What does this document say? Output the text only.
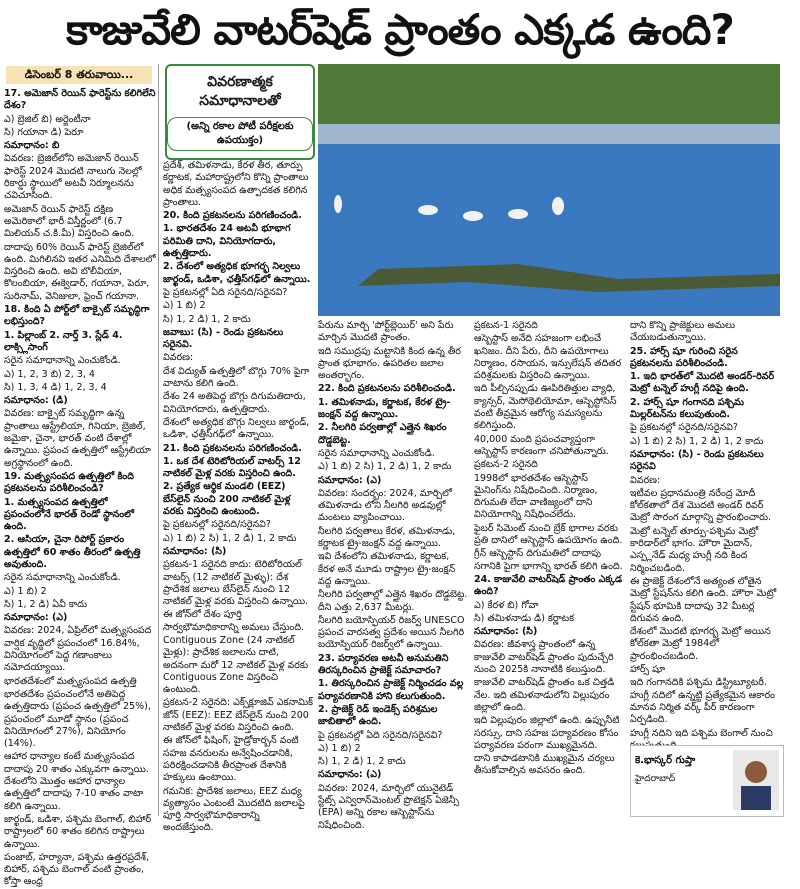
కాజువేలి వాటర్‌షెడ్ ప్రాంతం ఎక్కడ ఉంది?
డిసెంబర్ 8 తరువాయి...

17. అమెజాన్ రెయిన్ ఫారెస్ట్‌ను కలిగిలేని దేశం?

ఎ) బ్రెజిల్ బి) అర్జెంటీనా

సి) గయానా డి) పెరూ

సమాధానం: బి

వివరణ: బ్రెజిల్‌లోని అమెజాన్ రెయిన్ ఫారెస్ట్ 2024 మొదటి నాలుగు నెలల్లో రికార్డు స్థాయిలో అటవీ నిర్మూలనను చవిచూసింది.

అమెజాన్ రెయిన్ ఫారెస్ట్ దక్షిణ అమెరికాలో భారీ విస్తీర్ణంలో (6.7 మిలియన్ చ.కి.మీ) విస్తరించి ఉంది.

దాదాపు 60% రెయిన్ ఫారెస్ట్ బ్రెజిల్‌లో ఉంది. మిగిలినవి ఇతర ఎనిమిది దేశాలలో విస్తరించి ఉంది. అవి బొలీవియా, కొలంబియా, ఈక్వెడార్, గయానా, పెరూ, సురినామ్, వెనిజులా, ఫ్రెంచ్ గయానా.

18. కింది ఏ పోర్ట్‌లో బాక్సైట్ సమృద్ధిగా లభిస్తుంది?

1. పిల్లాంబ్ 2. నార్త్ 3. స్లేడ్ 4. లాక్స్లిసాంగ్

సరైన సమాధానాన్ని ఎంచుకోండి.

ఎ) 1, 2, 3 బి) 2, 3, 4

సి) 1, 3, 4 డి) 1, 2, 3, 4

సమాధానం: (డి)

వివరణ: బాక్సైట్ సమృద్ధిగా ఉన్న ప్రాంతాలు ఆస్ట్రేలియా, గినియా, బ్రెజిల్, జమైకా, చైనా, భారత్ వంటి దేశాల్లో ఉన్నాయి. ప్రపంచ ఉత్పత్తిలో ఆస్ట్రేలియా అగ్రస్థానంలో ఉంది.

19. మత్స్యసంపద ఉత్పత్తిలో కింది ప్రకటనలను పరిశీలించండి?

1. మత్స్యసంపద ఉత్పత్తిలో ప్రపంచంలోనే భారత్ రెండో స్థానంలో ఉంది.

2. ఆసియా, చైనా రిపోర్ట్ ప్రకారం ఉత్పత్తిలో 60 శాతం తీరంలో ఉత్పత్తి అవుతుంది.

సరైన సమాధానాన్ని ఎంచుకోండి.

ఎ) 1 బి) 2

సి) 1, 2 డి) ఏవీ కాదు

సమాధానం: (ఎ)

వివరణ: 2024, ఏప్రిల్‌లో మత్స్యసంపద వార్షిక వృద్ధిలో ప్రపంచంలో 16.84%, వినియోగంలో పెద్ద గణాంకాలు నమోదయ్యాయి.

భారతదేశంలో మత్స్యసంపద ఉత్పత్తి

భారతదేశం ప్రపంచంలోనే అతిపెద్ద ఉత్పత్తిదారు (ప్రపంచ ఉత్పత్తిలో 25%), ప్రపంచంలో మూడో స్థానం (ప్రపంచ వినియోగంలో 27%), వినియోగం (14%).

ఆహార ధాన్యాల కంటే మత్స్యసంపద దాదాపు 20 శాతం ఎక్కువగా ఉన్నాయి. దేశంలోని మొత్తం ఆహార ధాన్యాల ఉత్పత్తిలో దాదాపు 7-10 శాతం వాటా కలిగి ఉన్నాయి.

జార్ఖండ్, ఒడిశా, పశ్చిమ బెంగాల్, బిహార్ రాష్ట్రాలలో 60 శాతం కలిగిన రాష్ట్రాలు ఉన్నాయి.

పంజాబ్, హర్యానా, పశ్చిమ ఉత్తరప్రదేశ్, బిహార్, పశ్చిమ బెంగాల్ వంటి ప్రాంతం, కోస్తా ఆంధ్ర

వివరణాత్మక
సమాధానాలతో
(అన్ని రకాల పోటీ పరీక్షలకు ఉపయుక్తం)

ప్రదేశ్, తమిళనాడు, కేరళ తీర, తూర్పు కర్ణాటక, మహారాష్ట్రలోని కొన్ని ప్రాంతాలు అధిక మత్స్యసంపద ఉత్పాదకత కలిగిన ప్రాంతాలు.

20. కింది ప్రకటనలను పరిగణించండి.

1. భారతదేశం 24 అటవీ భూభాగ పరిమితి దాని, వినియోగదారు, ఉత్పత్తిదారు.

2. దేశంలో అత్యధిక భూగర్భ నిల్వలు జార్ఖండ్, ఒడిశా, ఛత్తీస్‌గఢ్‌లో ఉన్నాయి.

పై ప్రకటనల్లో ఏది సరైనది/సరైనవి?

ఎ) 1 బి) 2

సి) 1, 2 డి) 1, 2 కాదు

జవాబు: (సి) - రెండు ప్రకటనలు సరైనవి.

వివరణ:

దేశ విద్యుత్ ఉత్పత్తిలో బొగ్గు 70% పైగా వాటాను కలిగి ఉంది.

దేశం 24 అతిపెద్ద బొగ్గు దిగుమతిదారు, వినియోగదారు, ఉత్పత్తిదారు.

దేశంలో అత్యధిక బొగ్గు నిల్వలు జార్ఖండ్, ఒడిశా, ఛత్తీస్‌గఢ్‌లో ఉన్నాయి.

21. కింది ప్రకటనలను పరిగణించండి.

1. ఒక దేశ టెరిటోరియల్ వాటర్స్ 12 నాటికల్ మైళ్ల వరకు విస్తరించి ఉంది.

2. ప్రత్యేక ఆర్థిక మండలి (EEZ) బేస్‌లైన్ నుంచి 200 నాటికల్ మైళ్ల వరకు విస్తరించి ఉంటుంది.

పై ప్రకటనల్లో సరైనది/సరైనవి?

ఎ) 1 బి) 2 సి) 1, 2 డి) 1, 2 కాదు

సమాధానం: (సి)

ప్రకటన-1 సరైనది కాదు: టెరిటోరియల్ వాటర్స్ (12 నాటికల్ మైళ్ళు): దేశ ప్రాదేశిక జలాలు బేస్‌లైన్ నుంచి 12 నాటికల్ మైళ్ల వరకు విస్తరించి ఉన్నాయి.

ఈ జోన్‌లో దేశం పూర్తి సార్వభౌమాధికారాన్ని అమలు చేస్తుంది.

Contiguous Zone (24 నాటికల్ మైళ్లు): ప్రాదేశిక జలాలను దాటి, అదనంగా మరో 12 నాటికల్ మైళ్ల వరకు Contiguous Zone విస్తరించి ఉంటుంది.

ప్రకటన-2 సరైనది: ఎక్స్‌క్లూజివ్ ఎకనామిక్ జోన్ (EEZ): EEZ బేస్‌లైన్ నుంచి 200 నాటికల్ మైళ్ల వరకు విస్తరించి ఉంది.

ఈ జోన్‌లో ఫిషింగ్, హైడ్రోకార్బన్ వంటి సహజ వనరులను అన్వేషించడానికి, పరిరక్షించడానికి తీరప్రాంత దేశానికి హక్కులు ఉంటాయి.

గమనిక: ప్రాదేశిక జలాలు, EEZ మధ్య వ్యత్యాసం ఎంటంటే మొదటిది జలాలపై పూర్తి సార్వభౌమాధికారాన్ని అందజేస్తుంది.

పేరును మార్చి 'పోర్ట్‌బ్లెయిర్' అని పేరు మార్చిన మొదటి ప్రాంతం.

ఇది సముద్రపు మట్టానికి కింద ఉన్న తీర ప్రాంత భూభాగం. ఉపరితల జలాల అంతర్భాగం.

22. కింది ప్రకటనలను పరిశీలించండి.

1. తమిళనాడు, కర్ణాటక, కేరళ ట్రై-జంక్షన్ వద్ద ఉన్నాయి.

2. నీలగిరి పర్వతాల్లో ఎత్తైన శిఖరం దొడ్డబెట్ట.

సరైన సమాధానాన్ని ఎంచుకోండి.

ఎ) 1 బి) 2 సి) 1, 2 డి) 1, 2 కాదు

సమాధానం: (ఎ)

వివరణ: సందర్భం: 2024, మార్చిలో తమిళనాడు లోని నీలగిరి అడవుల్లో మంటలు వ్యాపించాయి.

నీలగిరి పర్వతాలు కేరళ, తమిళనాడు, కర్ణాటక ట్రై-జంక్షన్ వద్ద ఉన్నాయి.

ఇవి దేశంలోని తమిళనాడు, కర్ణాటక, కేరళ అనే మూడు రాష్ట్రాల ట్రై-జంక్షన్ వద్ద ఉన్నాయి.

నీలగిరి పర్వతాల్లో ఎత్తైన శిఖరం దొడ్డబెట్ట. దీని ఎత్తు 2,637 మీటర్లు.

నీలగిరి బయోస్ఫియర్ రిజర్వ్ UNESCO ప్రపంచ వారసత్వ ప్రదేశం అయిన నీలగిరి బయోస్ఫియర్ రిజర్వ్‌లో ఉన్నాయి.

23. పర్యావరణ అటవీ అనుమతిని తిరస్కరించిన ప్రాజెక్ట్ సమాచారం?

1. తిరస్కరించిన ప్రాజెక్ట్ నిర్మించడం వల్ల పర్యావరణానికి హాని కలుగుతుంది.

2. ప్రాజెక్ట్ రెడ్ ఇండెక్స్ పరిశ్రమల జాబితాలో ఉంది.

పై ప్రకటనల్లో ఏది సరైనది/సరైనవి?

ఎ) 1 బి) 2

సి) 1, 2 డి) 1, 2 కాదు

సమాధానం: (ఎ)

వివరణ: 2024, మార్చిలో యునైటెడ్ స్టేట్స్ ఎన్విరాన్‌మెంటల్ ప్రొటెక్షన్ ఏజెన్సీ (EPA) అన్ని రకాల ఆస్బెస్టాస్‌ను నిషేధించింది.

ప్రకటన-1 సరైనది

ఆస్బెస్టాస్ అనేది సహజంగా లభించే ఖనిజం. దీని పేరు, దీని ఉపయోగాలు నిర్మాణం, రసాయన, ఇన్సులేషన్ తదితర పరిశ్రమలకు విస్తరించి ఉన్నాయి.

ఇది పీల్చినప్పుడు ఊపిరితిత్తుల వ్యాధి, క్యాన్సర్, మెసోథెలియోమా, ఆస్బెస్టోసిస్ వంటి తీవ్రమైన ఆరోగ్య సమస్యలను కలిగిస్తుంది.

40,000 మంది ప్రపంచవ్యాప్తంగా ఆస్బెస్టాస్ కారణంగా చనిపోతున్నారు.

ప్రకటన-2 సరైనది

1998లో భారతదేశం ఆస్బెస్టాస్ మైనింగ్‌ను నిషేధించింది. నిర్మాణం, దిగుమతి లేదా వాణిజ్యంలో దాని వినియోగాన్ని నిషేధించలేదు.

ఫైబర్ సిమెంట్ నుంచి బ్రేక్ భాగాల వరకు ప్రతి దానిలో ఆస్బెస్టాస్ ఉపయోగం ఉంది.

గ్రీన్ ఆస్బెస్టాస్ దిగుమతిలో దాదాపు సగానికి పైగా భాగాన్ని భారత్ కలిగి ఉంది.

24. కాజువేలి వాటర్‌షెడ్ ప్రాంతం ఎక్కడ ఉంది?

ఎ) కేరళ బి) గోవా

సి) తమిళనాడు డి) కర్ణాటక

సమాధానం: (సి)

వివరణ: జీవశాస్త్ర ప్రాంతంలో ఉన్న కాజువేలి వాటర్‌షెడ్ ప్రాంతం పుదుచ్చేరి నుంచి 2025కి నానాటికి కలుస్తుంది.

కాజువేలి వాటర్‌షెడ్ ప్రాంతం ఒక చిత్తడి నేల. ఇది తమిళనాడులోని విల్లుపురం జిల్లాలో ఉంది.

ఇది విల్లుపురం జిల్లాలో ఉంది. ఉప్పునీటి సరస్సు, దాని సహజ పర్యావరణం కోసం పర్యావరణ పరంగా ముఖ్యమైనది.

దాని కాపాడటానికి ముఖ్యమైన చర్యలు తీసుకోవాల్సిన అవసరం ఉంది.

దాని కొన్ని ప్రాజెక్టులు అమలు చేయబడుతున్నాయి.

25. హార్స్ షూ గురించి సరైన ప్రకటనలను పరిశీలించండి.

1. ఇది భారత్‌లో మొదటి అండర్-రివర్ మెట్రో టన్నెల్ హుగ్లీ నదిపై ఉంది.

2. హార్స్ షూ గంగానది పశ్చిమ మిల్లర్‌టన్‌ను కలుపుతుంది.

పై ప్రకటనల్లో సరైనది/సరైనవి?

ఎ) 1 బి) 2 సి) 1, 2 డి) 1, 2 కాదు

సమాధానం: (సి) - రెండు ప్రకటనలు సరైనవి

వివరణ:

ఇటీవల ప్రధానమంత్రి నరేంద్ర మోదీ కోల్‌కతాలో దేశ మొదటి అండర్ రివర్ మెట్రో సొరంగ మార్గాన్ని ప్రారంభించారు.

మెట్రో టన్నెల్ తూర్పు-పశ్చిమ మెట్రో కారిడార్‌లో భాగం. హౌరా మైదాన్, ఎస్ప్లనేడ్ మధ్య హుగ్లీ నది కింద నిర్మించబడింది.

ఈ ప్రాజెక్ట్ దేశంలోనే అత్యంత లోతైన మెట్రో స్టేషన్‌ను కలిగి ఉంది. హౌరా మెట్రో స్టేషన్ భూమికి దాదాపు 32 మీటర్ల దిగువన ఉంది.

దేశంలో మొదటి భూగర్భ మెట్రో అయిన కోల్‌కతా మెట్రో 1984లో ప్రారంభించబడింది.

హార్స్ షూ

ఇది గంగానదికి పశ్చిమ డిస్ట్రిబ్యూటరీ. హుగ్లీ నదిలో ఉన్నట్టి ప్రత్యేకమైన ఆకారం మానవ నిర్మిత వర్క్ పీర్ కారణంగా ఏర్పడింది.

హుగ్లీ నదిని ఇది పశ్చిమ బెంగాల్ నుంచి

కె.భాస్కర్ గుప్తా
హైదరాబాద్
